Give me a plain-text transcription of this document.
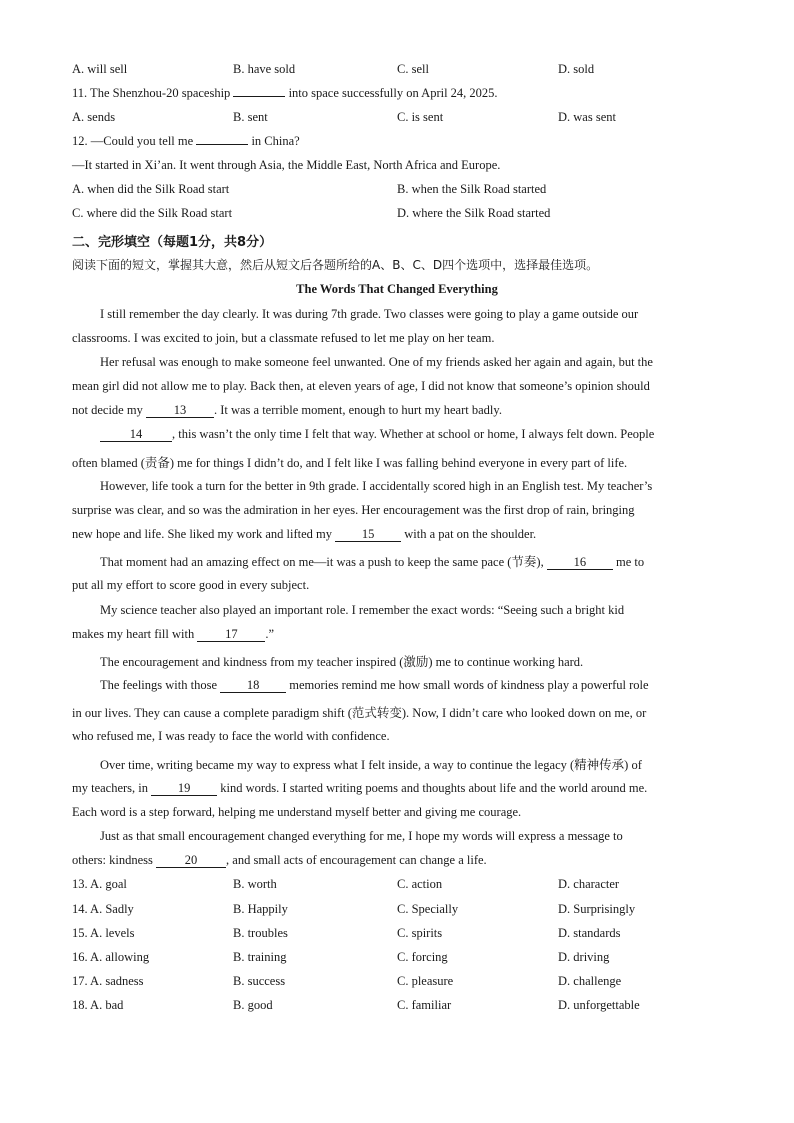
A. will sell	B. have sold	C. sell	D. sold
11. The Shenzhou-20 spaceship	into space successfully on April 24, 2025.
A. sends	B. sent	C. is sent	D. was sent
12. —Could you tell me	in China?
—It started in Xi’an. It went through Asia, the Middle East, North Africa and Europe.
A. when did the Silk Road start	B. when the Silk Road started
C. where did the Silk Road start	D. where the Silk Road started
二、完形填空（每题1分，共8分）
阅读下面的短文，掌握其大意，然后从短文后各题所给的A、B、C、D四个选项中，选择最佳选项。
The Words That Changed Everything
I still remember the day clearly. It was during 7th grade. Two classes were going to play a game outside our
classrooms. I was excited to join, but a classmate refused to let me play on her team.
Her refusal was enough to make someone feel unwanted. One of my friends asked her again and again, but the
mean girl did not allow me to play. Back then, at eleven years of age, I did not know that someone’s opinion should
not decide my 13 . It was a terrible moment, enough to hurt my heart badly.
14 , this wasn’t the only time I felt that way. Whether at school or home, I always felt down. People
often blamed (责备) me for things I didn’t do, and I felt like I was falling behind everyone in every part of life.
However, life took a turn for the better in 9th grade. I accidentally scored high in an English test. My teacher’s
surprise was clear, and so was the admiration in her eyes. Her encouragement was the first drop of rain, bringing
new hope and life. She liked my work and lifted my 15 with a pat on the shoulder.
That moment had an amazing effect on me—it was a push to keep the same pace (节奏), 16 me to
put all my effort to score good in every subject.
My science teacher also played an important role. I remember the exact words: “Seeing such a bright kid
makes my heart fill with 17 .”
The encouragement and kindness from my teacher inspired (激励) me to continue working hard.
The feelings with those 18 memories remind me how small words of kindness play a powerful role
in our lives. They can cause a complete paradigm shift (范式转变). Now, I didn’t care who looked down on me, or
who refused me, I was ready to face the world with confidence.
Over time, writing became my way to express what I felt inside, a way to continue the legacy (精神传承) of
my teachers, in 19 kind words. I started writing poems and thoughts about life and the world around me.
Each word is a step forward, helping me understand myself better and giving me courage.
Just as that small encouragement changed everything for me, I hope my words will express a message to
others: kindness	20 , and small acts of encouragement can change a life.
13. A. goal	B. worth	C. action	D. character
14. A. Sadly	B. Happily	C. Specially	D. Surprisingly
15. A. levels	B. troubles	C. spirits	D. standards
16. A. allowing	B. training	C. forcing	D. driving
17. A. sadness	B. success	C. pleasure	D. challenge
18. A. bad	B. good	C. familiar	D. unforgettable
